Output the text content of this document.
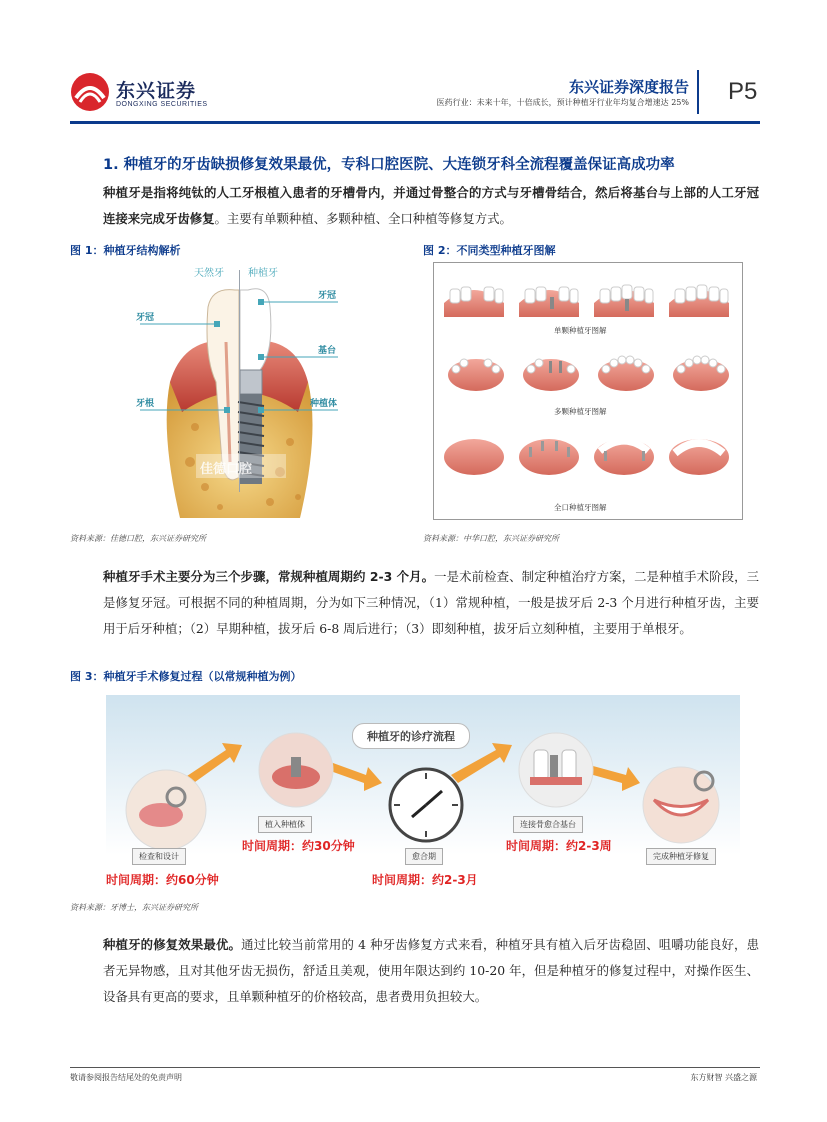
东兴证券
DONGXING SECURITIES
东兴证券深度报告
医药行业：未来十年，十倍成长，预计种植牙行业年均复合增速达 25% P5
1. 种植牙的牙齿缺损修复效果最优，专科口腔医院、大连锁牙科全流程覆盖保证高成功率
种植牙是指将纯钛的人工牙根植入患者的牙槽骨内，并通过骨整合的方式与牙槽骨结合，然后将基台与上部的人工牙冠连接来完成牙齿修复。主要有单颗种植、多颗种植、全口种植等修复方式。
图 1：种植牙结构解析	图 2：不同类型种植牙图解
天然牙 种植牙
牙冠
牙冠
基台
牙根	种植体
佳德口腔
单颗种植牙图解
多颗种植牙图解
全口种植牙图解
资料来源：佳德口腔，东兴证券研究所	资料来源：中华口腔，东兴证券研究所
种植牙手术主要分为三个步骤，常规种植周期约 2-3 个月。一是术前检查、制定种植治疗方案，二是种植手术阶段，三是修复牙冠。可根据不同的种植周期，分为如下三种情况，（1）常规种植，一般是拔牙后 2-3 个月进行种植牙齿，主要用于后牙种植；（2）早期种植，拔牙后 6-8 周后进行；（3）即刻种植，拔牙后立刻种植，主要用于单根牙。
图 3：种植牙手术修复过程（以常规种植为例）
种植牙的诊疗流程
检查和设计
植入种植体
愈合期
连接骨愈合基台
完成种植牙修复
时间周期：约60分钟
时间周期：约30分钟
时间周期：约2-3月
时间周期：约2-3周
资料来源：牙博士，东兴证券研究所
种植牙的修复效果最优。通过比较当前常用的 4 种牙齿修复方式来看，种植牙具有植入后牙齿稳固、咀嚼功能良好，患者无异物感，且对其他牙齿无损伤，舒适且美观，使用年限达到约 10-20 年，但是种植牙的修复过程中，对操作医生、设备具有更高的要求，且单颗种植牙的价格较高，患者费用负担较大。
敬请参阅报告结尾处的免责声明	东方财智 兴盛之源
